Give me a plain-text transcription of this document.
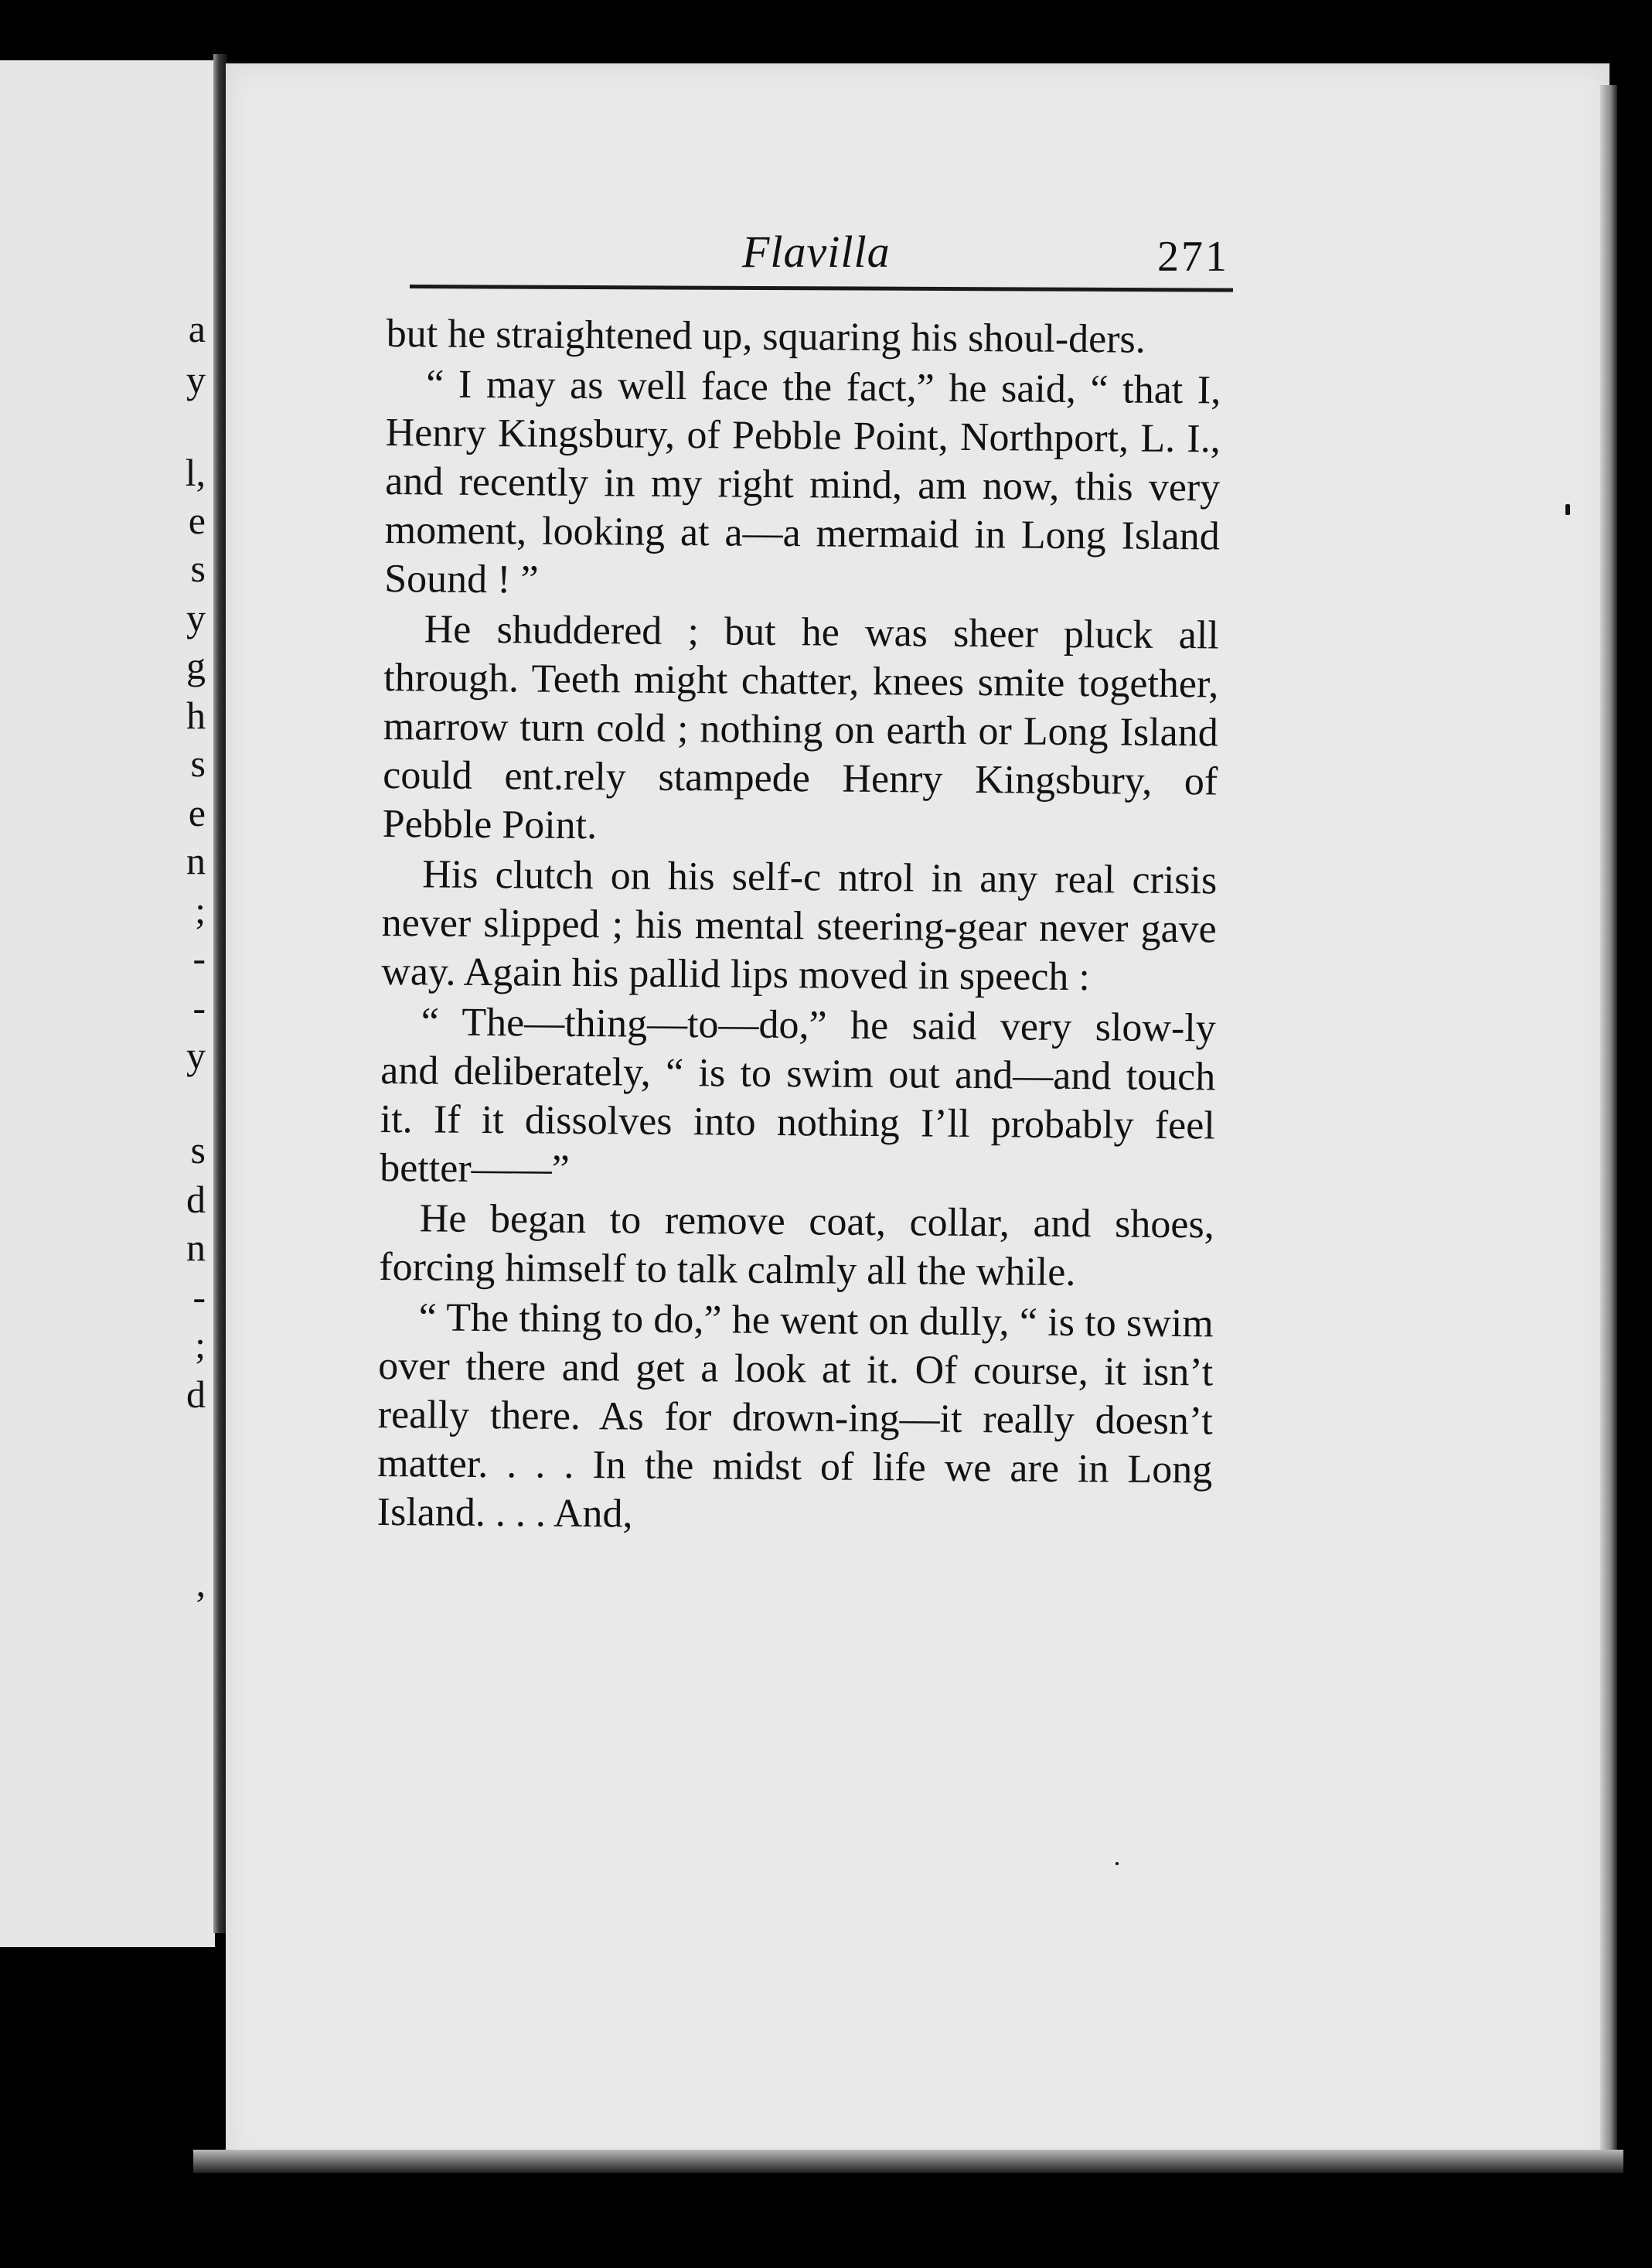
a
y
l,
e
s
y
g
h
s
e
n
;
-
-
y
s
d
n
-
;
d
,
Flavilla	271

but he straightened up, squaring his shoul-ders.

“ I may as well face the fact,” he said, “ that I, Henry Kingsbury, of Pebble Point, Northport, L. I., and recently in my right mind, am now, this very moment, looking at a—a mermaid in Long Island Sound ! ”

He shuddered ; but he was sheer pluck all through. Teeth might chatter, knees smite together, marrow turn cold ; nothing on earth or Long Island could ent.rely stampede Henry Kingsbury, of Pebble Point.

His clutch on his self-c ntrol in any real crisis never slipped ; his mental steering-gear never gave way. Again his pallid lips moved in speech :

“ The—thing—to—do,” he said very slow-ly and deliberately, “ is to swim out and—and touch it. If it dissolves into nothing I’ll probably feel better——”

He began to remove coat, collar, and shoes, forcing himself to talk calmly all the while.

“ The thing to do,” he went on dully, “ is to swim over there and get a look at it. Of course, it isn’t really there. As for drown-ing—it really doesn’t matter. . . . In the midst of life we are in Long Island. . . . And,
